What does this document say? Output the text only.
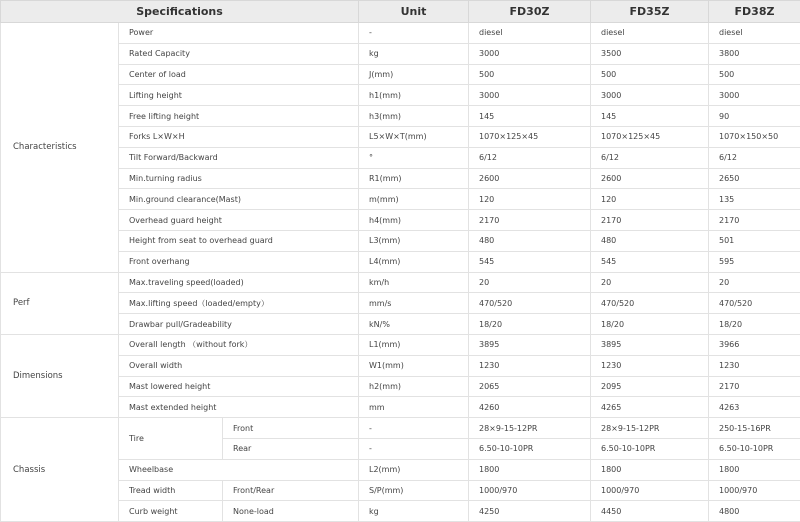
Specifications			Unit	FD30Z	FD35Z	FD38Z
Characteristics	Power		-	diesel	diesel	diesel
	Rated Capacity		kg	3000	3500	3800
	Center of load		J(mm)	500	500	500
	Lifting height		h1(mm)	3000	3000	3000
	Free lifting height		h3(mm)	145	145	90
	Forks L×W×H		L5×W×T(mm)	1070×125×45	1070×125×45	1070×150×50
	Tilt Forward/Backward		°	6/12	6/12	6/12
	Min.turning radius		R1(mm)	2600	2600	2650
	Min.ground clearance(Mast)		m(mm)	120	120	135
	Overhead guard height		h4(mm)	2170	2170	2170
	Height from seat to overhead guard		L3(mm)	480	480	501
	Front overhang		L4(mm)	545	545	595
Perf	Max.traveling speed(loaded)		km/h	20	20	20
	Max.lifting speed（loaded/empty）		mm/s	470/520	470/520	470/520
	Drawbar pull/Gradeability		kN/%	18/20	18/20	18/20
Dimensions	Overall length （without fork）		L1(mm)	3895	3895	3966
	Overall width		W1(mm)	1230	1230	1230
	Mast lowered height		h2(mm)	2065	2095	2170
	Mast extended height		mm	4260	4265	4263
Chassis	Tire	Front	-	28×9-15-12PR	28×9-15-12PR	250-15-16PR
		Rear	-	6.50-10-10PR	6.50-10-10PR	6.50-10-10PR
	Wheelbase		L2(mm)	1800	1800	1800
	Tread width	Front/Rear	S/P(mm)	1000/970	1000/970	1000/970
	Curb weight	None-load	kg	4250	4450	4800
